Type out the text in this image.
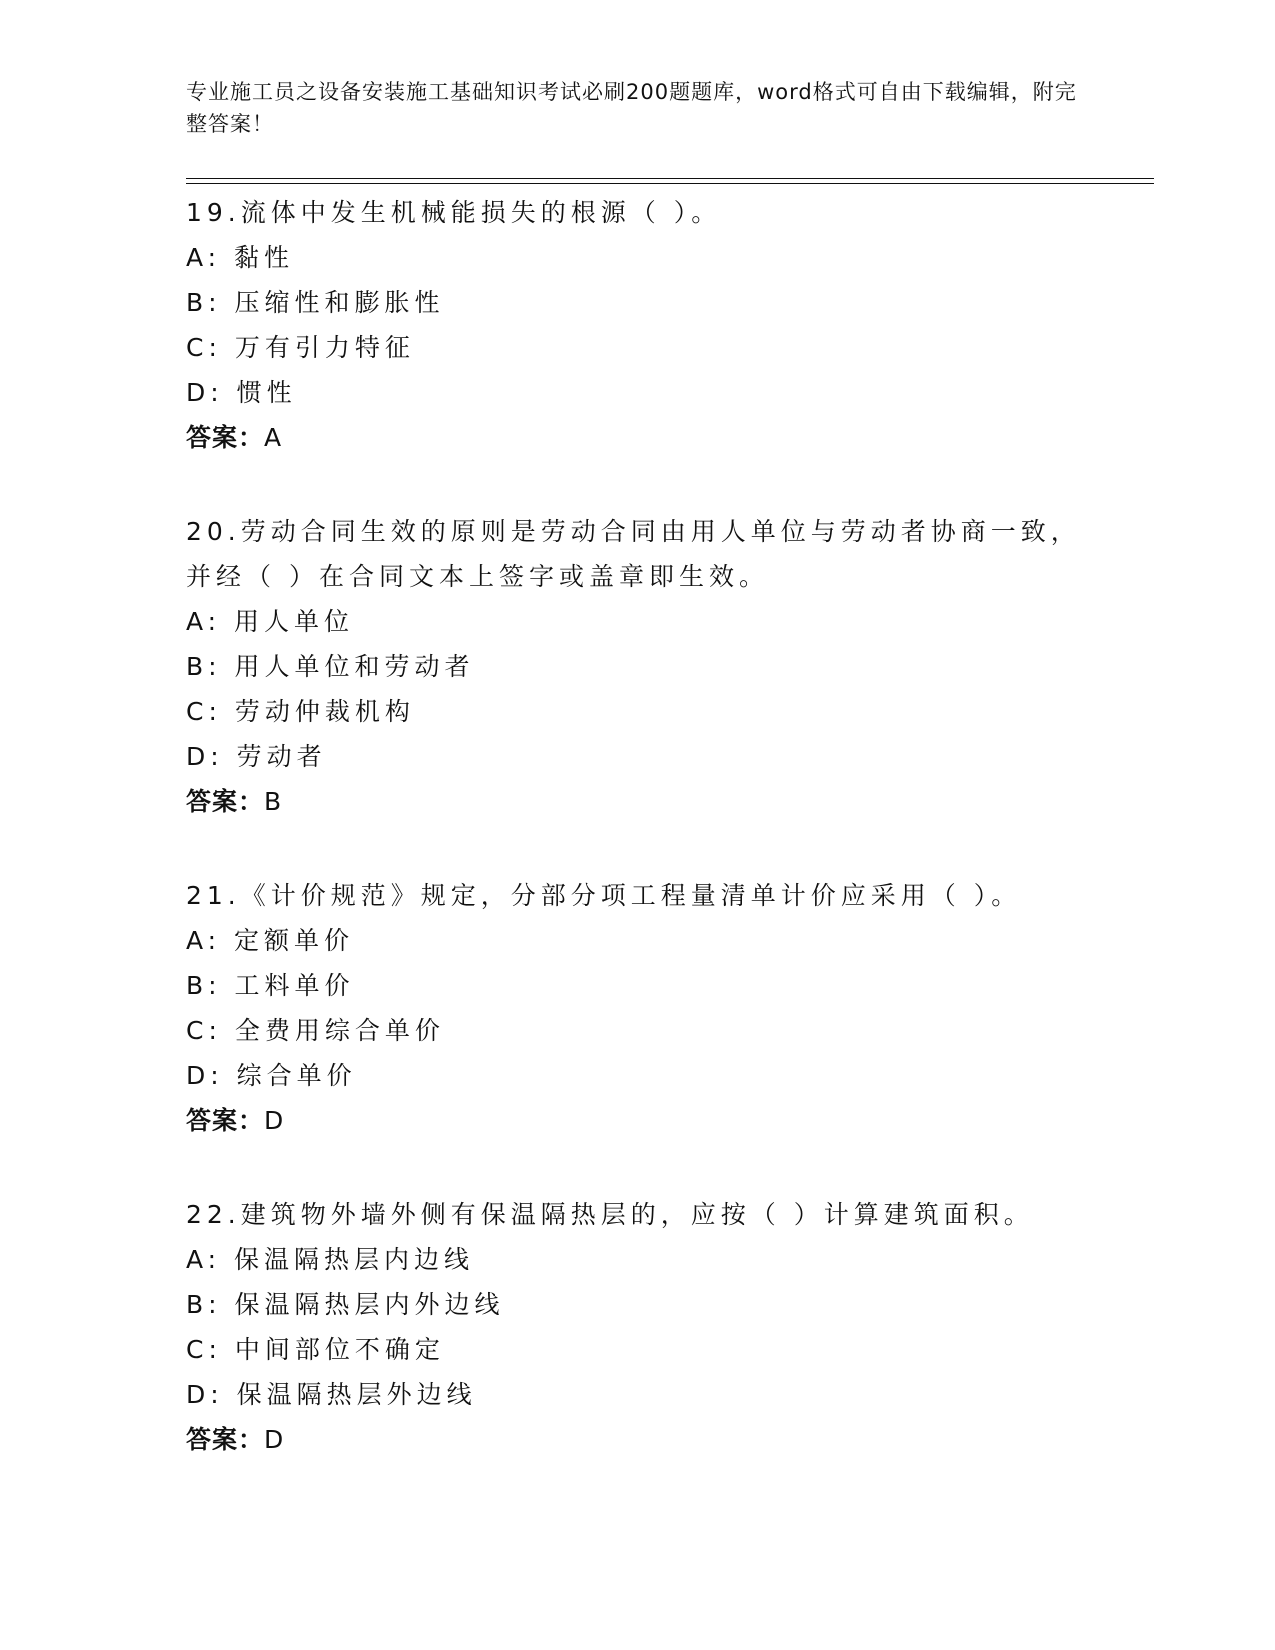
专业施工员之设备安装施工基础知识考试必刷200题题库，word格式可自由下载编辑，附完整答案！

19.流体中发生机械能损失的根源（ ）。

A: 黏性

B: 压缩性和膨胀性

C: 万有引力特征

D: 惯性

答案：A

20.劳动合同生效的原则是劳动合同由用人单位与劳动者协商一致，并经（ ）在合同文本上签字或盖章即生效。

A: 用人单位

B: 用人单位和劳动者

C: 劳动仲裁机构

D: 劳动者

答案：B

21.《计价规范》规定，分部分项工程量清单计价应采用（ ）。

A: 定额单价

B: 工料单价

C: 全费用综合单价

D: 综合单价

答案：D

22.建筑物外墙外侧有保温隔热层的，应按（ ）计算建筑面积。

A: 保温隔热层内边线

B: 保温隔热层内外边线

C: 中间部位不确定

D: 保温隔热层外边线

答案：D
